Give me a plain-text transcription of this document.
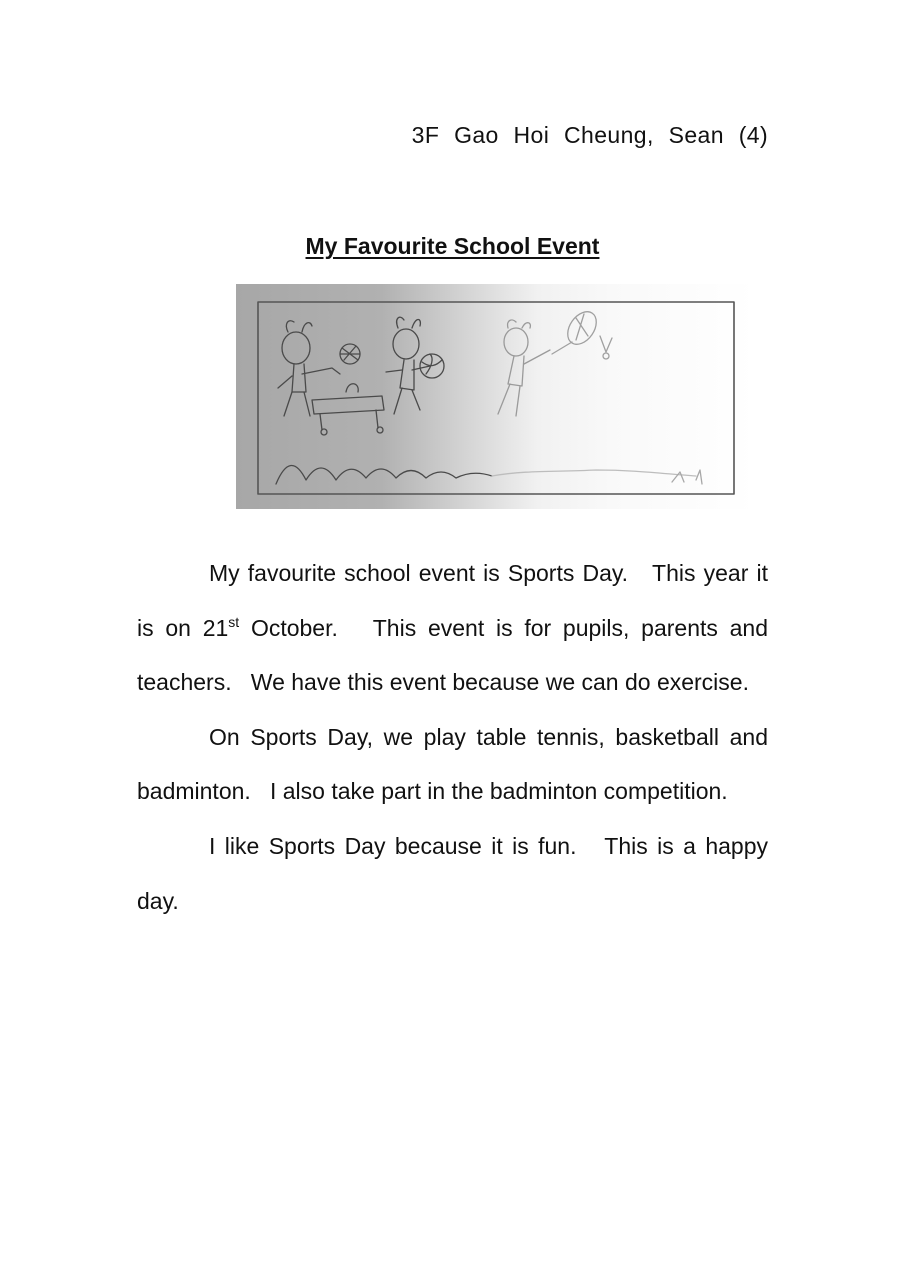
3F Gao Hoi Cheung, Sean (4)
My Favourite School Event

My favourite school event is Sports Day. This year it is on 21st October. This event is for pupils, parents and teachers. We have this event because we can do exercise.

On Sports Day, we play table tennis, basketball and badminton. I also take part in the badminton competition.

I like Sports Day because it is fun. This is a happy day.
